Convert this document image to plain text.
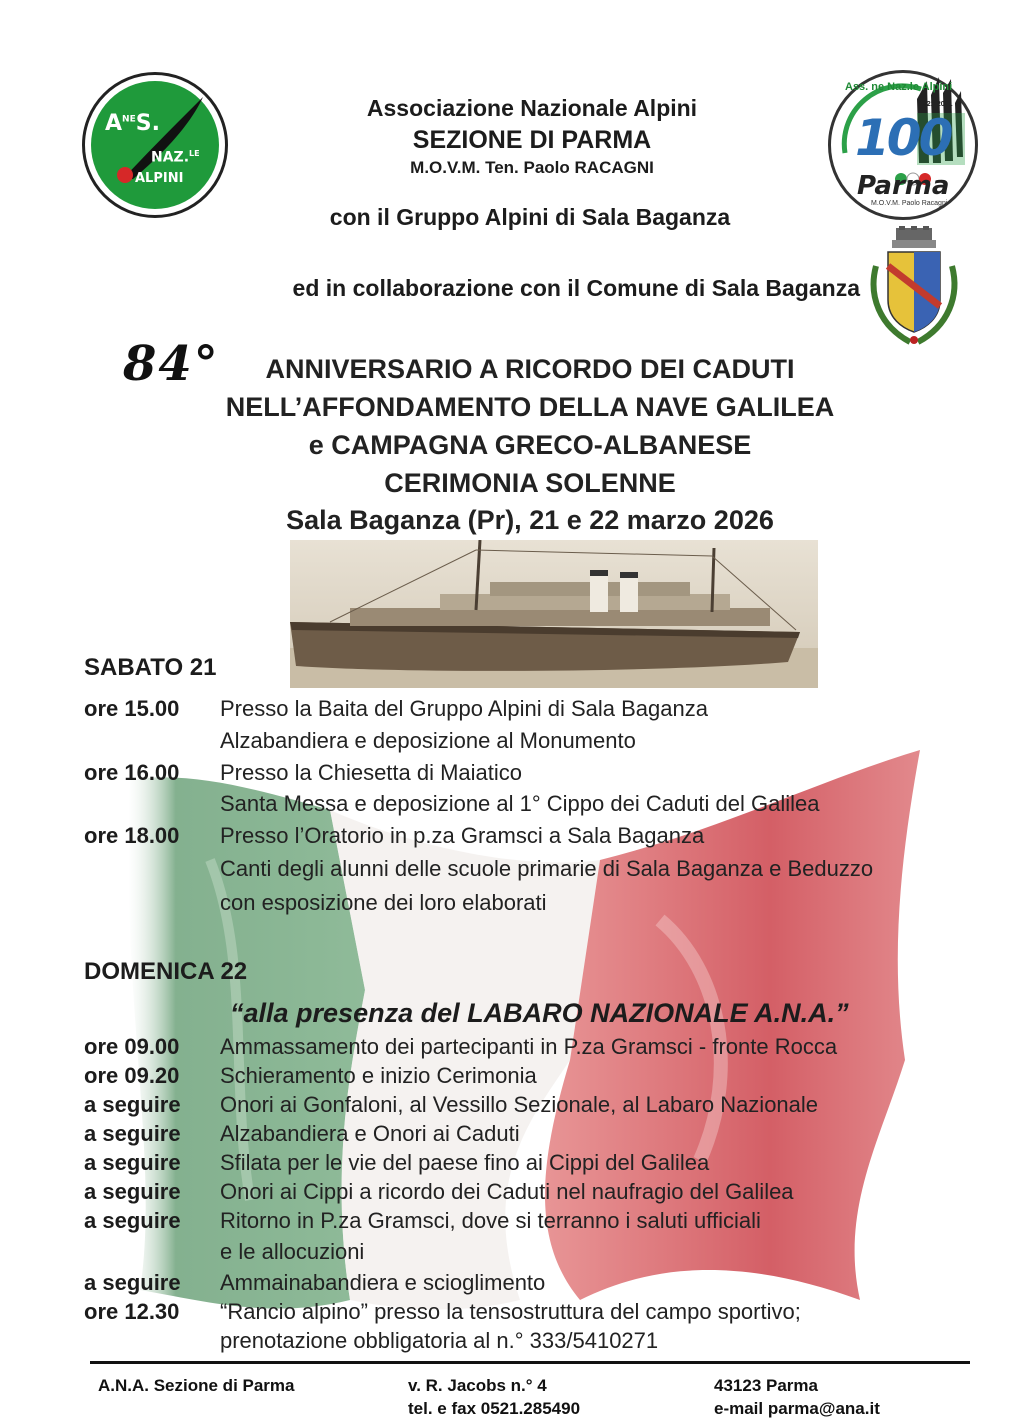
$A^{NE}S$.
NAZ.$^{LE}$
ALPINI
Ass. ne Naz.le Alpini
1921-2021
100
Parma
M.O.V.M. Paolo Racagni
Associazione Nazionale Alpini
SEZIONE DI PARMA
M.O.V.M. Ten. Paolo RACAGNI
con il Gruppo Alpini di Sala Baganza
ed in collaborazione con il Comune di Sala Baganza
84°	ANNIVERSARIO A RICORDO DEI CADUTI
NELL’AFFONDAMENTO DELLA NAVE GALILEA
e CAMPAGNA GRECO-ALBANESE
CERIMONIA SOLENNE
Sala Baganza (Pr), 21 e 22 marzo 2026
SABATO 21
ore 15.00 Presso la Baita del Gruppo Alpini di Sala Baganza
Alzabandiera e deposizione al Monumento
ore 16.00 Presso la Chiesetta di Maiatico
Santa Messa e deposizione al 1° Cippo dei Caduti del Galilea
ore 18.00 Presso l’Oratorio in p.za Gramsci a Sala Baganza
Canti degli alunni delle scuole primarie di Sala Baganza e Beduzzo
con esposizione dei loro elaborati
DOMENICA 22
“alla presenza del LABARO NAZIONALE A.N.A.”
ore 09.00 Ammassamento dei partecipanti in P.za Gramsci - fronte Rocca
ore 09.20 Schieramento e inizio Cerimonia
a seguire Onori ai Gonfaloni, al Vessillo Sezionale, al Labaro Nazionale
a seguire Alzabandiera e Onori ai Caduti
a seguire Sfilata per le vie del paese fino ai Cippi del Galilea
a seguire Onori ai Cippi a ricordo dei Caduti nel naufragio del Galilea
a seguire Ritorno in P.za Gramsci, dove si terranno i saluti ufficiali
e le allocuzioni
a seguire Ammainabandiera e scioglimento
ore 12.30 “Rancio alpino” presso la tensostruttura del campo sportivo;
prenotazione obbligatoria al n.° 333/5410271
A.N.A. Sezione di Parma	v. R. Jacobs n.° 4
tel. e fax 0521.285490
43123 Parma
e-mail parma@ana.it
